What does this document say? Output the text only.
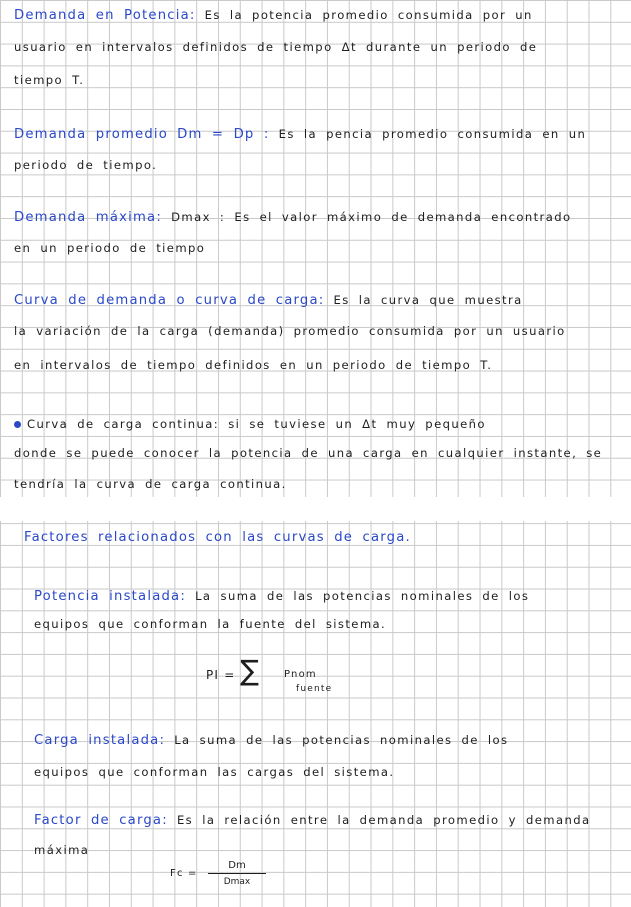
Demanda en Potencia: Es la potencia promedio consumida por un

usuario en intervalos definidos de tiempo Δt durante un periodo de

tiempo T.

Demanda promedio Dm = Dp : Es la pencia promedio consumida en un

periodo de tiempo.

Demanda máxima: Dmax : Es el valor máximo de demanda encontrado

en un periodo de tiempo

Curva de demanda o curva de carga: Es la curva que muestra

la variación de la carga (demanda) promedio consumida por un usuario

en intervalos de tiempo definidos en un periodo de tiempo T.

Curva de carga continua: si se tuviese un Δt muy pequeño

donde se puede conocer la potencia de una carga en cualquier instante, se

tendría la curva de carga continua.

Factores relacionados con las curvas de carga.

Potencia instalada: La suma de las potencias nominales de los

equipos que conforman la fuente del sistema.

PI = ∑	Pnom
fuente

Carga instalada: La suma de las potencias nominales de los

equipos que conforman las cargas del sistema.

Factor de carga: Es la relación entre la demanda promedio y demanda

máxima

Fc =
Dm
Dmax
